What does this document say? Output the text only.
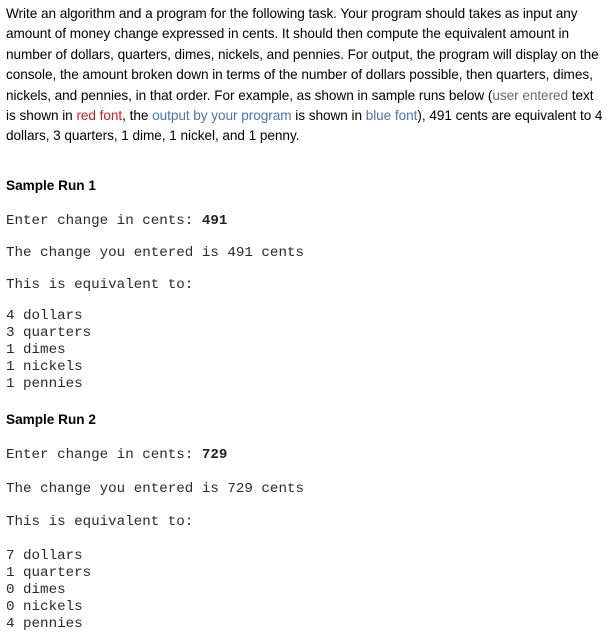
Write an algorithm and a program for the following task. Your program should takes as input any amount of money change expressed in cents. It should then compute the equivalent amount in number of dollars, quarters, dimes, nickels, and pennies. For output, the program will display on the console, the amount broken down in terms of the number of dollars possible, then quarters, dimes, nickels, and pennies, in that order. For example, as shown in sample runs below (user entered text is shown in red font, the output by your program is shown in blue font), 491 cents are equivalent to 4 dollars, 3 quarters, 1 dime, 1 nickel, and 1 penny.

Sample Run 1
Enter change in cents: 491
The change you entered is 491 cents
This is equivalent to:
4 dollars
3 quarters
1 dimes
1 nickels
1 pennies
Sample Run 2
Enter change in cents: 729
The change you entered is 729 cents
This is equivalent to:
7 dollars
1 quarters
0 dimes
0 nickels
4 pennies
